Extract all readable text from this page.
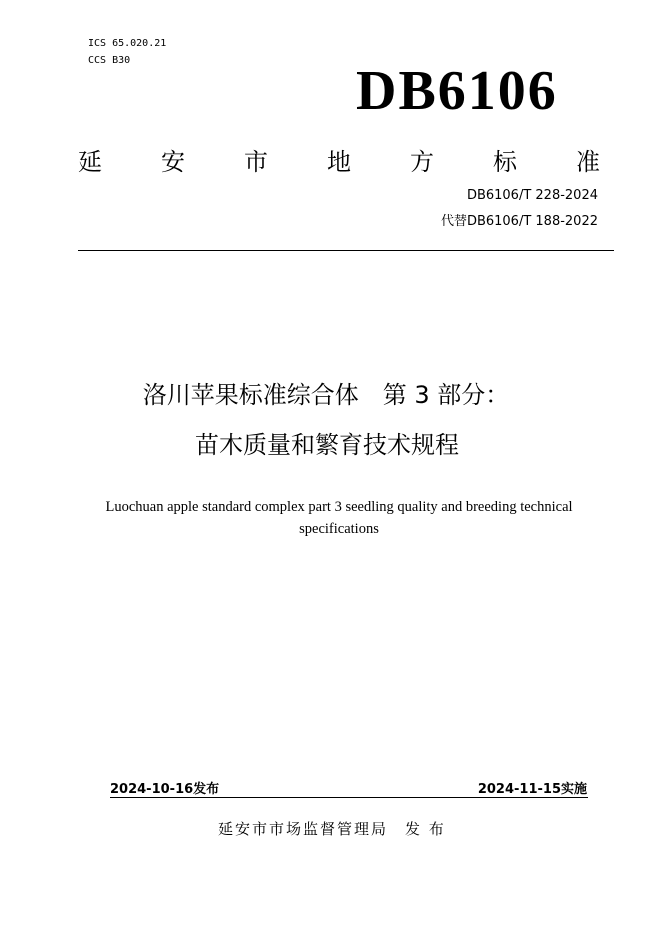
ICS 65.020.21
CCS B30	DB6106
延 安 市 地 方 标 准
DB6106/T 228-2024
代替DB6106/T 188-2022
洛川苹果标准综合体　第 3 部分：
苗木质量和繁育技术规程
Luochuan apple standard complex part 3 seedling quality and breeding technical specifications
2024-10-16发布	2024-11-15实施
延安市市场监督管理局　发 布
